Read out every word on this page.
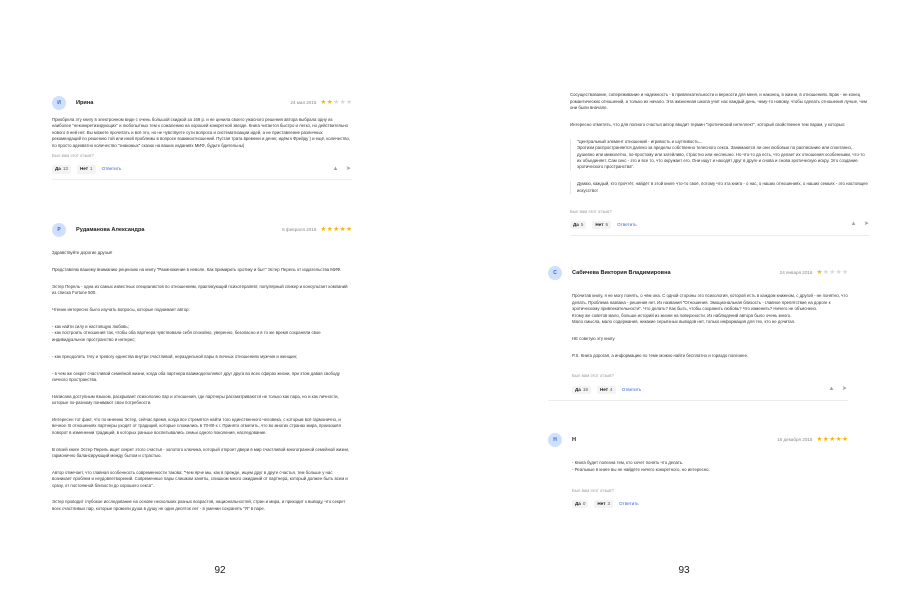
И	Ирина	24 мая 2015 ★ ★ ★ ★ ★

Приобрела эту книгу в электронном виде с очень большой скидкой за 169 р. и не ценила своего ужасного решения автора выбрала одну из наиболее "неконкретизирующих" и любопытных тем к сожалению на хорошей конкретной звезде. Книга читается быстро и легко, но действительно нового в ней нет. Вы можете прочитать и всё это, но не чувствуете сути вопроса и систематизации идей, а не приставление различных рекомендаций по решению той или иной проблемы в вопросе взаимоотношений. Пустая трата времени и денег, идём к Фрейду ) и ещё, количество, по просто адекватно количество "знакомых" сказок на ваших изданиях МИФ, будьте бдительны)

Был вам этот отзыв?
Да 13	Нет 1 Ответить	▲ ➤
Р	Рудаманова Александра	8 февраля 2016 ★ ★ ★ ★ ★

Здравствуйте дорогие друзья!

Представляю вашему вниманию рецензию на книгу "Размножение в неволе. Как примирить эротику и быт" Эстер Перель от издательства МИФ.

Эстер Перель - одна из самых известных специалистов по отношениям, практикующий психотерапевт, популярный спикер и консультант компаний из списка Fortune 500.

Чтение интересно было изучать вопросы, которые поднимает автор:

- как найти силу и настоящую любовь;
- как построить отношения так, чтобы оба партнера чувствовали себя спокойно, уверенно, безопасно и в то же время сохраняли свое индивидуальное пространство и интерес;

- как преодолеть тягу и тревогу единства внутри счастливой, нераздельной пары в личных отношениях мужчин и женщин;

- в чем же секрет счастливой семейной жизни, когда оба партнера взаимодополняют друг друга во всех сферах жизни, при этом давая свободу личного пространства.

Написана доступным языком, раскрывает психологию пар и отношения, где партнеры рассматриваются не только как пара, но и как личности, которые по-разному понимают свои потребности.

Интересен тот факт, что по мнению Эстер, сейчас время, когда все стремятся найти того единственного человека, с которым всё гармонично, и вечное. В отношениях партнеры уходят от традиций, которые сложились в 70-80-х г. Принято отметить, что во многих странах мира, произошёл поворот в изменении традиций, в которых раньше воспитывались семьи одного поколения, наследование.

В своей книге Эстер Перель ищет секрет этого счастья - золотого ключика, который откроет двери в мир счастливой многогранной семейной жизни, гармонично балансирующий между бытом и страстью.

Автор отмечает, что главная особенность современности такова: "Чем ярче мы, как в прежде, ищем друг в друге счастья, тем больше у нас возникает проблем и неудовлетворений. Современные пары слишком заняты, слишком много ожиданий от партнера, который должен быть всем и сразу, от постоянной близости до хорошего секса".

Эстер проводит глубокое исследование на основе нескольких разных возрастов, национальностей, стран и мира, и приходит к выводу, что секрет всех счастливых пар, которые прожили душа в душу не один десяток лет - в умении сохранять "Я" в паре.

92

Сосуществование, сопереживание и надежность - в привлекательности и верности для меня, и наконец, в жизни, в отношениях. Брак - не конец романтических отношений, а только их начало. Эта жизненная школа учит нас каждый день, чему-то новому, чтобы сделать отношения лучше, чем они были вначале.

Интересно отметить, что для полного счастья автор вводит термин "эротический интеллект", который свойственен тем парам, у которых:

"Центральный элемент отношений - игривость и шутливость...
Эротизм распространяется далеко за пределы собственно телесного секса. Занимаются ли они любовью по расписанию или спонтанно, душевно или мимолетно, по-простому или затейливо, страстно или неспешно. Но что-то да есть, что делает их отношения особенными, что-то их объединяет. Сам секс - это и все то, что окружает его. Они ищут и находят друг в друге и снова и снова эротическую искру. Это создание эротического пространства".

Думаю, каждый, кто прочтёт, найдёт в этой книге что-то своё, потому что эта книга - о нас, о наших отношениях, о наших семьях - это настоящее искусство!

Был вам этот отзыв?
Да 5	Нет 5 Ответить	▲ ➤
С	Сабичева Виктория Владимировна	24 января 2016 ★ ★ ★ ★ ★

Прочитав книгу, я не могу понять, о чём она. С одной стороны это психология, которой есть в каждом книжном, с другой - не понятно, что делать. Проблема названа - решения нет. Из названия "Отношения. Эмоциональная близость - главное препятствие на дороге к эротическому привлекательности". Что делать? Как быть, чтобы сохранить любовь? Что изменить? Ничего не объяснено.
Ктому же советов мало, больше историй из жизни на поверхности. Из наблюдений автора было очень много.
Мало смысла, мало содержания, никакие серьёзных выводов нет, только информация для тех, кто не дочитал.

НЕ советую эту книгу

P.S. Книга дорогая, а информацию по теме можно найти бесплатно и гораздо полезнее.

Был вам этот отзыв?
Да 19	Нет 4 Ответить	▲ ➤
Н	Н	16 декабря 2015 ★ ★ ★ ★ ★

- Книга будет полезна тем, кто хочет понять что делать.
- Реальные в книге вы не найдёте ничего конкретного, но интересно.

Был вам этот отзыв?
Да 0	Нет 3 Ответить
93
